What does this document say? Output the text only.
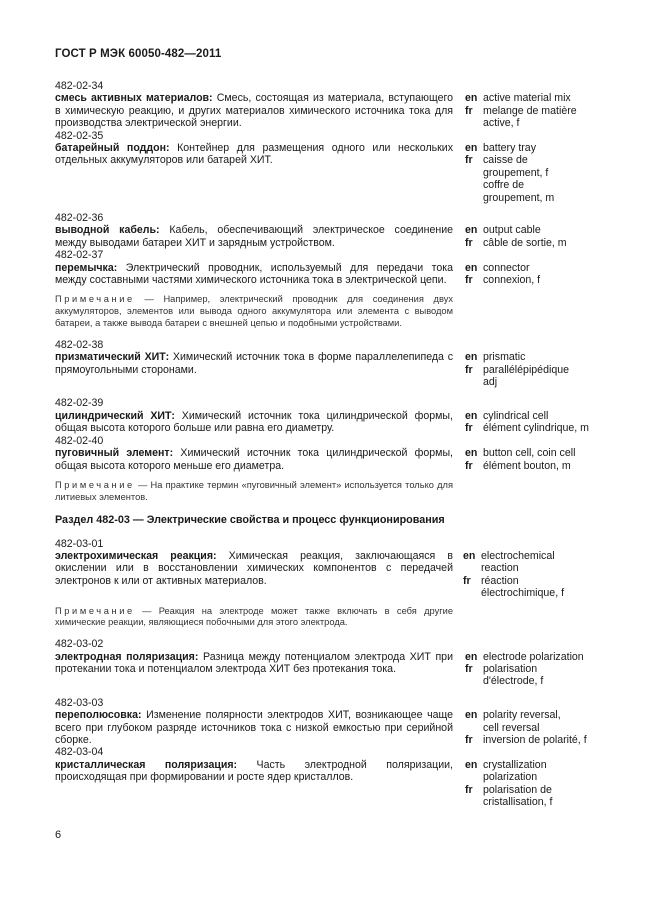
ГОСТ Р МЭК 60050-482—2011
482-02-34
смесь активных материалов: Смесь, состоящая из материала, вступающего в химическую реакцию, и других материалов химического источника тока для производства электрической энергии.
en active material mix
fr melange de matière
active, f
482-02-35
батарейный поддон: Контейнер для размещения одного или нескольких отдельных аккумуляторов или батарей ХИТ.
en battery tray
fr caisse de
groupement, f
coffre de
groupement, m
482-02-36
выводной кабель: Кабель, обеспечивающий электрическое соединение между выводами батареи ХИТ и зарядным устройством.
en output cable
fr câble de sortie, m
482-02-37
перемычка: Электрический проводник, используемый для передачи тока между составными частями химического источника тока в электрической цепи.
en connector
fr connexion, f
Примечание — Например, электрический проводник для соединения двух аккумуляторов, элементов или вывода одного аккумулятора или элемента с выводом батареи, а также вывода батареи с внешней цепью и подобными устройствами.
482-02-38
призматический ХИТ: Химический источник тока в форме параллелепипеда с прямоугольными сторонами.
en prismatic
fr parallélépipédique
adj
482-02-39
цилиндрический ХИТ: Химический источник тока цилиндрической формы, общая высота которого больше или равна его диаметру.
en cylindrical cell
fr élément cylindrique, m
482-02-40
пуговичный элемент: Химический источник тока цилиндрической формы, общая высота которого меньше его диаметра.
en button cell, coin cell
fr élément bouton, m
Примечание — На практике термин «пуговичный элемент» используется только для литиевых элементов.
Раздел 482-03 — Электрические свойства и процесс функционирования
482-03-01
электрохимическая реакция: Химическая реакция, заключающаяся в окислении или в восстановлении химических компонентов с передачей электронов к или от активных материалов.
en electrochemical
reaction
fr réaction
électrochimique, f
Примечание — Реакция на электроде может также включать в себя другие химические реакции, являющиеся побочными для этого электрода.
482-03-02
электродная поляризация: Разница между потенциалом электрода ХИТ при протекании тока и потенциалом электрода ХИТ без протекания тока.
en electrode polarization
fr polarisation
d'électrode, f
482-03-03
переполюсовка: Изменение полярности электродов ХИТ, возникающее чаще всего при глубоком разряде источников тока с низкой емкостью при серийной сборке.
en polarity reversal,
cell reversal
fr inversion de polarité, f
482-03-04
кристаллическая поляризация: Часть электродной поляризации, происходящая при формировании и росте ядер кристаллов.
en crystallization
polarization
fr polarisation de
cristallisation, f
6
